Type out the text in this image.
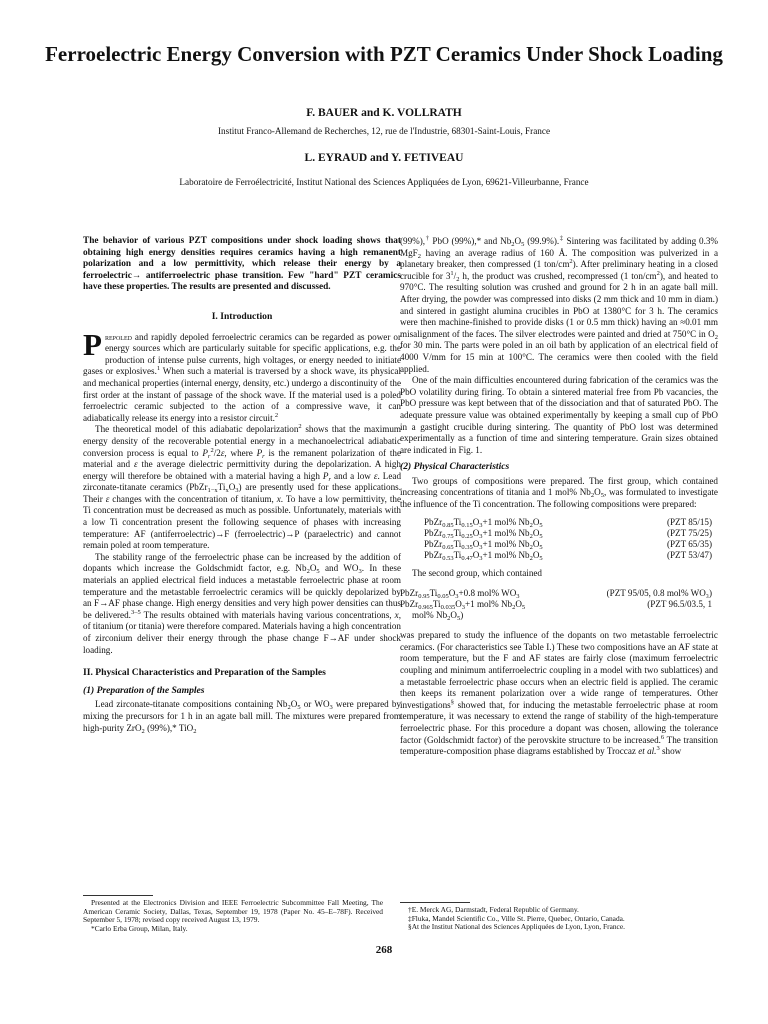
Ferroelectric Energy Conversion with PZT Ceramics Under Shock Loading

F. BAUER and K. VOLLRATH

Institut Franco-Allemand de Recherches, 12, rue de l'Industrie, 68301-Saint-Louis, France

L. EYRAUD and Y. FETIVEAU

Laboratoire de Ferroélectricité, Institut National des Sciences Appliquées de Lyon, 69621-Villeurbanne, France

The behavior of various PZT compositions under shock loading shows that obtaining high energy densities requires ceramics having a high remanent polarization and a low permittivity, which release their energy by a ferroelectric→ antiferroelectric phase transition. Few "hard" PZT ceramics have these properties. The results are presented and discussed.

I. Introduction

Prepoled and rapidly depoled ferroelectric ceramics can be regarded as power or energy sources which are particularly suitable for specific applications, e.g. the production of intense pulse currents, high voltages, or energy needed to initiate gases or explosives.$^1$ When such a material is traversed by a shock wave, its physical and mechanical properties (internal energy, density, etc.) undergo a discontinuity of the first order at the instant of passage of the shock wave. If the material used is a poled ferroelectric ceramic subjected to the action of a compressive wave, it can adiabatically release its energy into a resistor circuit.$^2$

The theoretical model of this adiabatic depolarization$^2$ shows that the maximum energy density of the recoverable potential energy in a mechanoelectrical adiabatic conversion process is equal to $P_r^2/2\varepsilon$, where $P_r$ is the remanent polarization of the material and ε the average dielectric permittivity during the depolarization. A high energy will therefore be obtained with a material having a high $P_r$ and a low ε. Lead zirconate-titanate ceramics $(PbZr_{1-x}Ti_xO_3)$ are presently used for these applications. Their ε changes with the concentration of titanium, x. To have a low permittivity, the Ti concentration must be decreased as much as possible. Unfortunately, materials with a low Ti concentration present the following sequence of phases with increasing temperature: AF (antiferroelectric)→F (ferroelectric)→P (paraelectric) and cannot remain poled at room temperature.

The stability range of the ferroelectric phase can be increased by the addition of dopants which increase the Goldschmidt factor, e.g. $Nb_2O_5$ and $WO_3$. In these materials an applied electrical field induces a metastable ferroelectric phase at room temperature and the metastable ferroelectric ceramics will be quickly depolarized by an F→AF phase change. High energy densities and very high power densities can thus be delivered.$^{3-5}$ The results obtained with materials having various concentrations, x, of titanium (or titania) were therefore compared. Materials having a high concentration of zirconium deliver their energy through the phase change F→AF under shock loading.

II. Physical Characteristics and Preparation of the Samples
(1) Preparation of the Samples

Lead zirconate-titanate compositions containing $Nb_2O_5$ or $WO_3$ were prepared by mixing the precursors for 1 h in an agate ball mill. The mixtures were prepared from high-purity ZrO$_2$ (99%),* TiO$_2$

(99%),† PbO (99%),* and $Nb_2O_5$ (99.9%).‡ Sintering was facilitated by adding 0.3% MgF$_2$ having an average radius of 160 Å. The composition was pulverized in a planetary breaker, then compressed (1 ton/$cm^2$). After preliminary heating in a closed crucible for $3^1/_2$ h, the product was crushed, recompressed (1 ton/$cm^2$), and heated to 970°C. The resulting solution was crushed and ground for 2 h in an agate ball mill. After drying, the powder was compressed into disks (2 mm thick and 10 mm in diam.) and sintered in gastight alumina crucibles in PbO at 1380°C for 3 h. The ceramics were then machine-finished to provide disks (1 or 0.5 mm thick) having an ≈0.01 mm misalignment of the faces. The silver electrodes were painted and dried at 750°C in $O_2$ for 30 min. The parts were poled in an oil bath by application of an electrical field of 4000 V/mm for 15 min at 100°C. The ceramics were then cooled with the field applied.

One of the main difficulties encountered during fabrication of the ceramics was the PbO volatility during firing. To obtain a sintered material free from Pb vacancies, the PbO pressure was kept between that of the dissociation and that of saturated PbO. The adequate pressure value was obtained experimentally by keeping a small cup of PbO in a gastight crucible during sintering. The quantity of PbO lost was determined experimentally as a function of time and sintering temperature. Grain sizes obtained are indicated in Fig. 1.

(2) Physical Characteristics

Two groups of compositions were prepared. The first group, which contained increasing concentrations of titania and 1 mol% $Nb_2O_5$, was formulated to investigate the influence of the Ti concentration. The following compositions were prepared:

$PbZr_{0.85}Ti_{0.15}O_3+1$ mol% $Nb_2O_5$	(PZT 85/15)
$PbZr_{0.75}Ti_{0.25}O_3+1$ mol% $Nb_2O_5$	(PZT 75/25)
$PbZr_{0.65}Ti_{0.35}O_3+1$ mol% $Nb_2O_5$	(PZT 65/35)
$PbZr_{0.53}Ti_{0.47}O_3+1$ mol% $Nb_2O_5$	(PZT 53/47)

The second group, which contained

$PbZr_{0.95}Ti_{0.05}O_3+0.8$ mol% $WO_3$	(PZT 95/05, 0.8 mol% WO₃)
$PbZr_{0.965}Ti_{0.035}O_3+1$ mol% $Nb_2O_5$	(PZT 96.5/03.5, 1
mol% $Nb_2O_5$)

was prepared to study the influence of the dopants on two metastable ferroelectric ceramics. (For characteristics see Table I.) These two compositions have an AF state at room temperature, but the F and AF states are fairly close (maximum ferroelectric coupling and minimum antiferroelectric coupling in a model with two sublattices) and a metastable ferroelectric phase occurs when an electric field is applied. The ceramic then keeps its remanent polarization over a wide range of temperatures. Other investigations§ showed that, for inducing the metastable ferroelectric phase at room temperature, it was necessary to extend the range of stability of the high-temperature ferroelectric phase. For this procedure a dopant was chosen, allowing the tolerance factor (Goldschmidt factor) of the perovskite structure to be increased.$^6$ The transition temperature-composition phase diagrams established by Troccaz et al.$^3$ show

Presented at the Electronics Division and IEEE Ferroelectric Subcommittee Fall Meeting, The American Ceramic Society, Dallas, Texas, September 19, 1978 (Paper No. 45–E–78F). Received September 5, 1978; revised copy received August 13, 1979.
*Carlo Erba Group, Milan, Italy.
†E. Merck AG, Darmstadt, Federal Republic of Germany.
‡Fluka, Mandel Scientific Co., Ville St. Pierre, Quebec, Ontario, Canada.
§At the Institut National des Sciences Appliquées de Lyon, Lyon, France.
268
